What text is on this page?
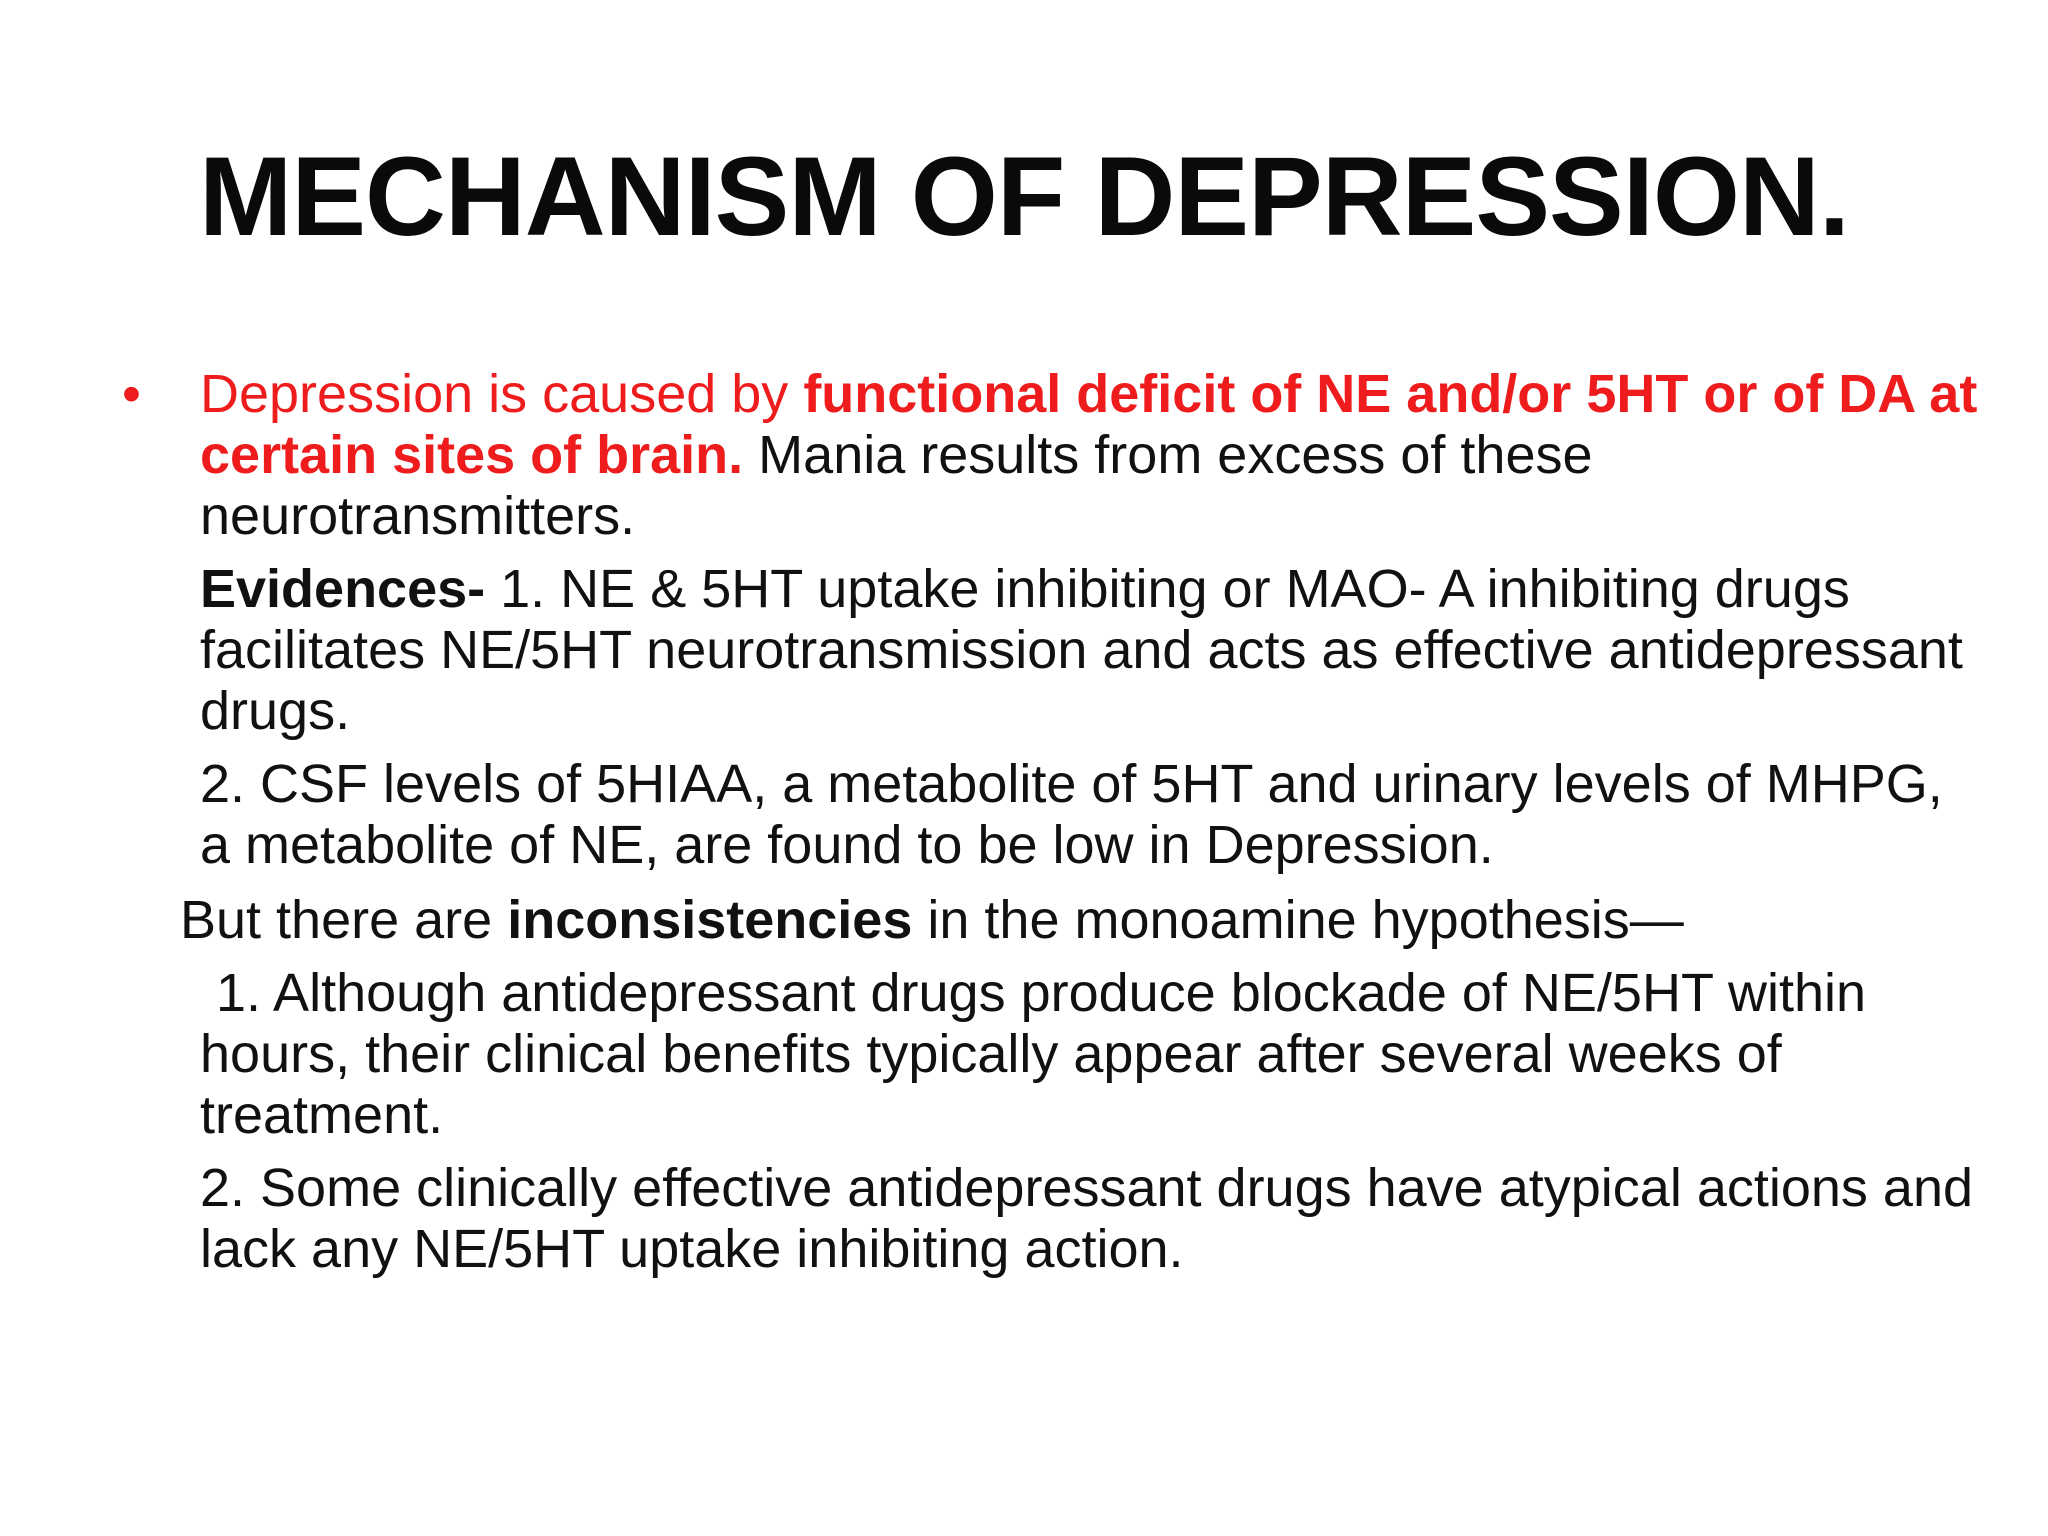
MECHANISM OF DEPRESSION.
• Depression is caused by functional deficit of NE and/or 5HT or of DA at certain sites of brain. Mania results from excess of these neurotransmitters.

Evidences- 1. NE & 5HT uptake inhibiting or MAO- A inhibiting drugs facilitates NE/5HT neurotransmission and acts as effective antidepressant drugs.

2. CSF levels of 5HIAA, a metabolite of 5HT and urinary levels of MHPG, a metabolite of NE, are found to be low in Depression.

But there are inconsistencies in the monoamine hypothesis—

1. Although antidepressant drugs produce blockade of NE/5HT within hours, their clinical benefits typically appear after several weeks of treatment.

2. Some clinically effective antidepressant drugs have atypical actions and lack any NE/5HT uptake inhibiting action.
